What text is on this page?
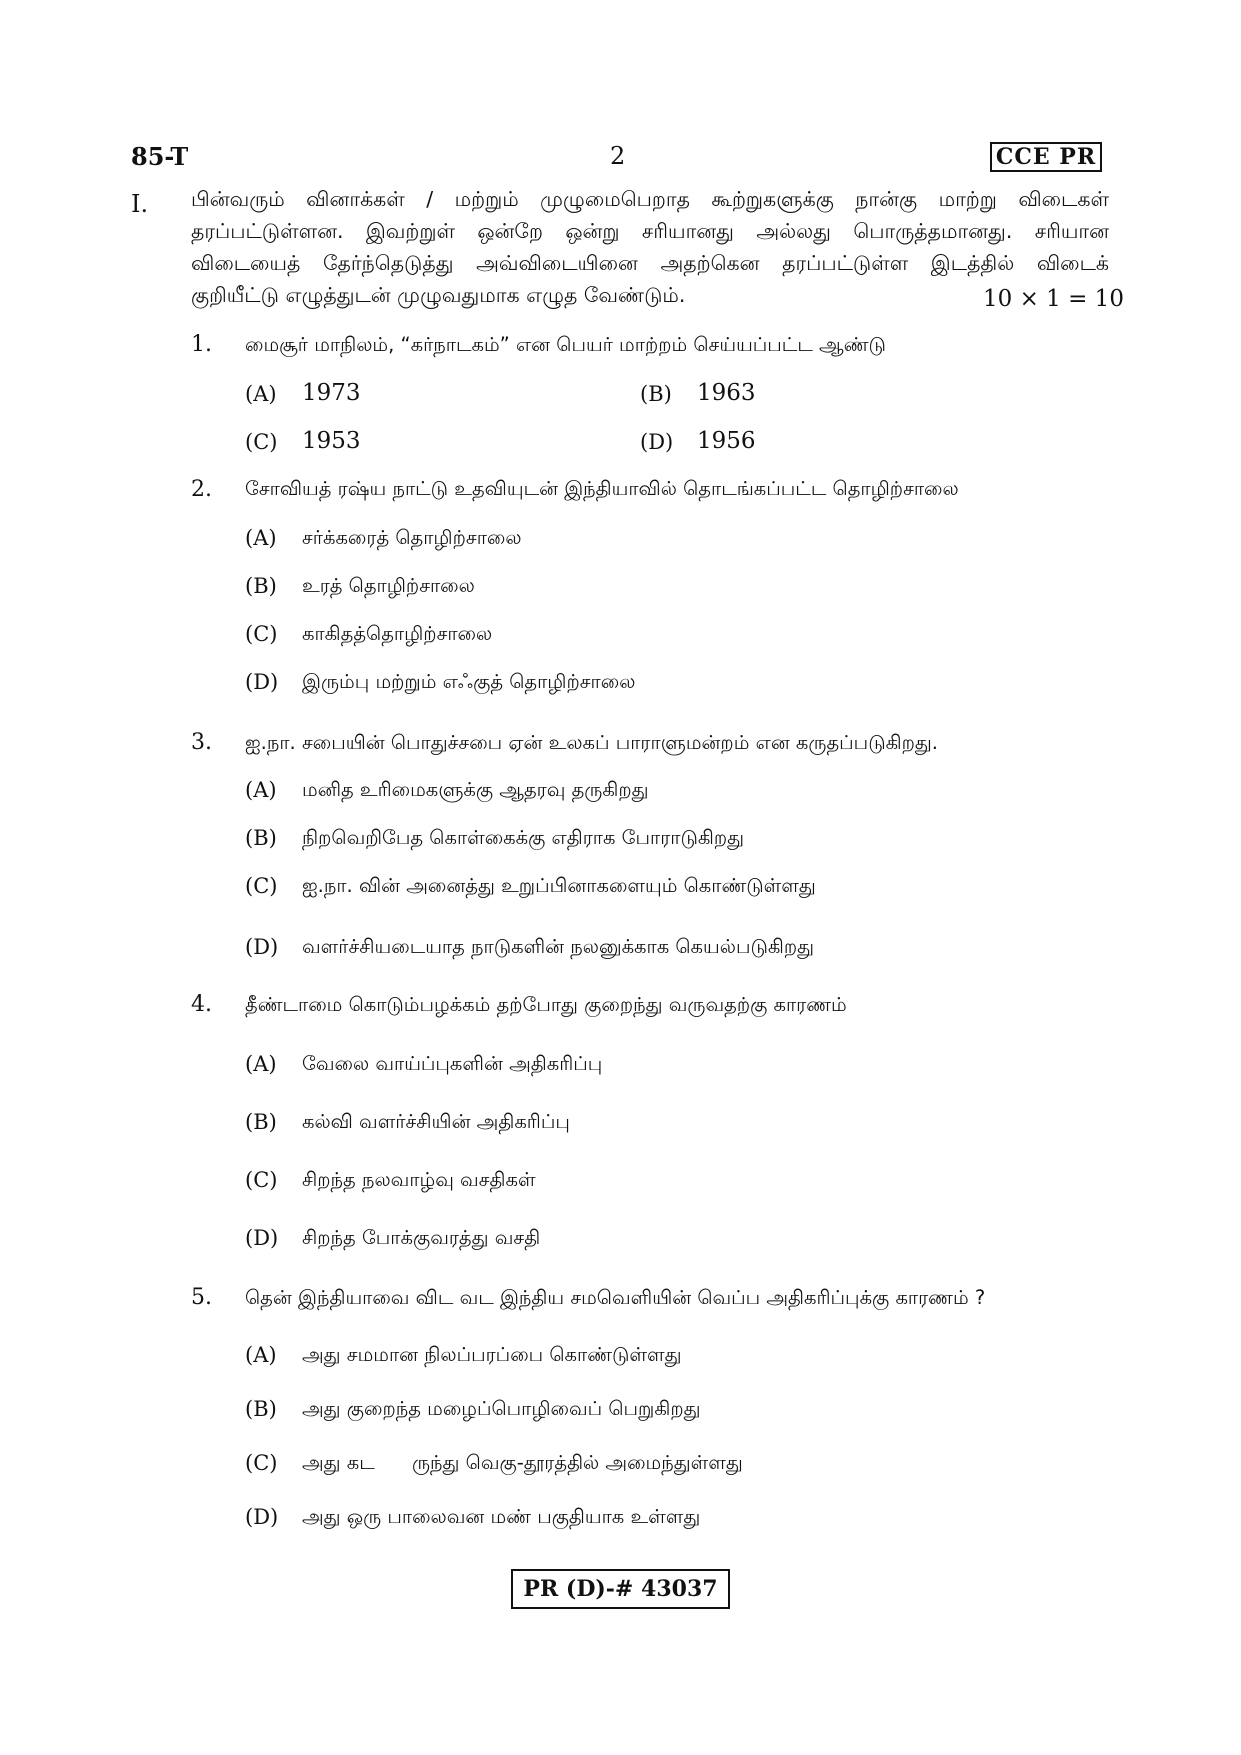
85-T	2	CCE PR
I. பின்வரும் வினாக்கள் / மற்றும் முழுமைபெறாத கூற்றுகளுக்கு நான்கு மாற்று விடைகள்
தரப்பட்டுள்ளன. இவற்றுள் ஒன்றே ஒன்று சரியானது அல்லது பொருத்தமானது. சரியான
விடையைத் தேர்ந்தெடுத்து அவ்விடையினை அதற்கென தரப்பட்டுள்ள இடத்தில் விடைக்
குறியீட்டு எழுத்துடன் முழுவதுமாக எழுத வேண்டும்.	10 × 1 = 10
1. மைசூர் மாநிலம், “கர்நாடகம்” என பெயர் மாற்றம் செய்யப்பட்ட ஆண்டு
(A) 1973	(B) 1963
(C) 1953	(D) 1956
2. சோவியத் ரஷ்ய நாட்டு உதவியுடன் இந்தியாவில் தொடங்கப்பட்ட தொழிற்சாலை
(A) சர்க்கரைத் தொழிற்சாலை
(B) உரத் தொழிற்சாலை
(C) காகிதத்தொழிற்சாலை
(D) இரும்பு மற்றும் எஃகுத் தொழிற்சாலை
3. ஐ.நா. சபையின் பொதுச்சபை ஏன் உலகப் பாராளுமன்றம் என கருதப்படுகிறது.
(A) மனித உரிமைகளுக்கு ஆதரவு தருகிறது
(B) நிறவெறிபேத கொள்கைக்கு எதிராக போராடுகிறது
(C) ஐ.நா. வின் அனைத்து உறுப்பினாகளையும் கொண்டுள்ளது
(D) வளர்ச்சியடையாத நாடுகளின் நலனுக்காக கெயல்படுகிறது
4. தீண்டாமை கொடும்பழக்கம் தற்போது குறைந்து வருவதற்கு காரணம்
(A) வேலை வாய்ப்புகளின் அதிகரிப்பு
(B) கல்வி வளர்ச்சியின் அதிகரிப்பு
(C) சிறந்த நலவாழ்வு வசதிகள்
(D) சிறந்த போக்குவரத்து வசதி
5. தென் இந்தியாவை விட வட இந்திய சமவெளியின் வெப்ப அதிகரிப்புக்கு காரணம் ?
(A) அது சமமான நிலப்பரப்பை கொண்டுள்ளது
(B) அது குறைந்த மழைப்பொழிவைப் பெறுகிறது
(C) அது கட      ருந்து வெகு-தூரத்தில் அமைந்துள்ளது
(D) அது ஒரு பாலைவன மண் பகுதியாக உள்ளது
PR (D)-# 43037
